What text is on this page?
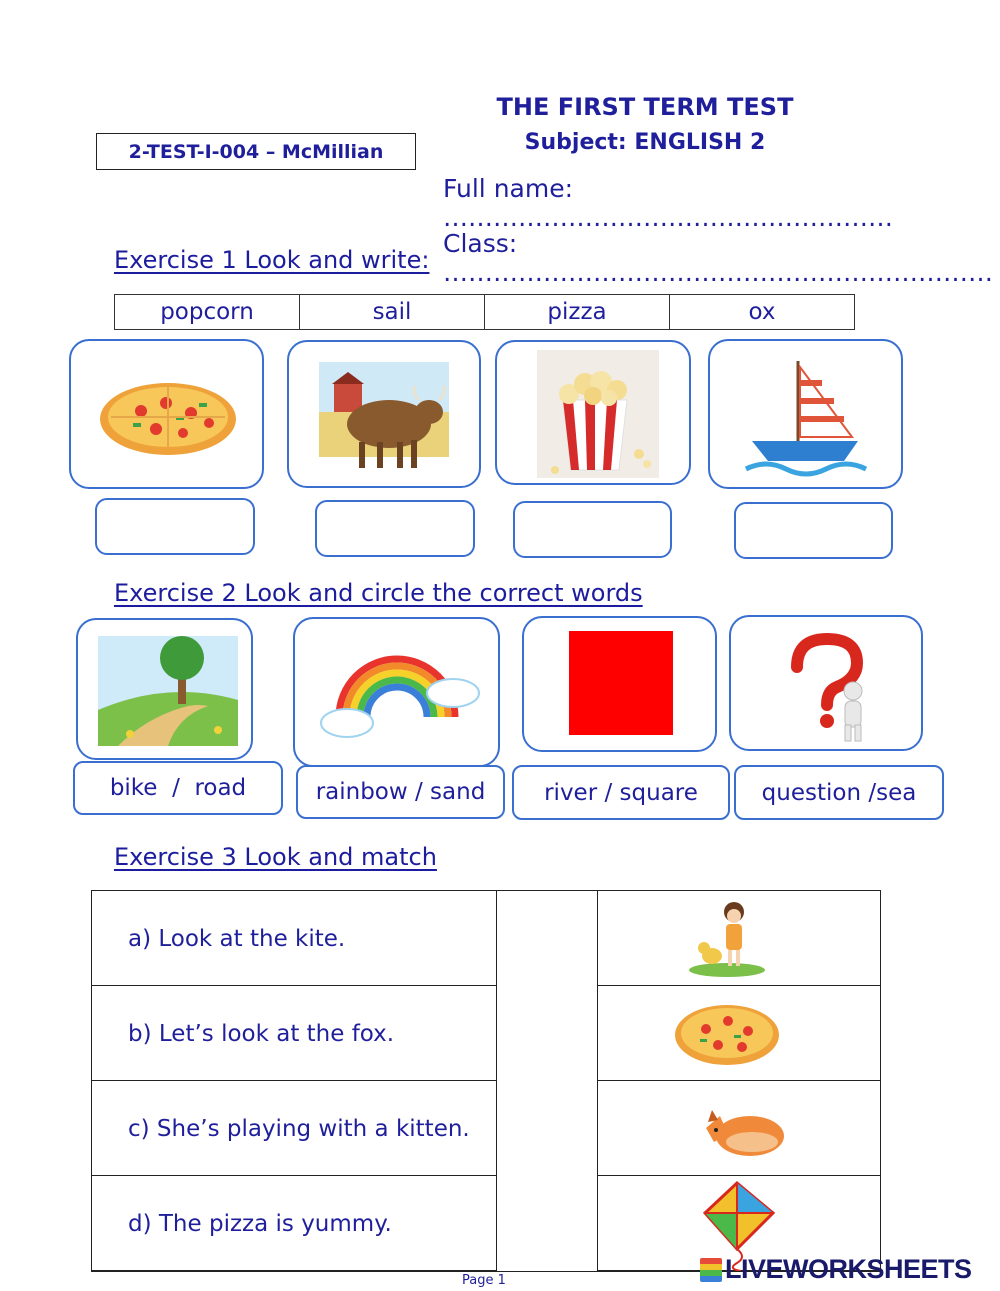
THE FIRST TERM TEST
Subject: ENGLISH 2
2-TEST-I-004 – McMillian
Full name: ………………………………………………
Class: …………………………………………………………
Exercise 1 Look and write:
popcorn	sail	pizza	ox
Exercise 2 Look and circle the correct words
bike  /  road	rainbow / sand	river / square	question /sea
Exercise 3 Look and match
a) Look at the kite.
b) Let’s look at the fox.
c) She’s playing with a kitten.
d) The pizza is yummy.
Page 1	LIVEWORKSHEETS
